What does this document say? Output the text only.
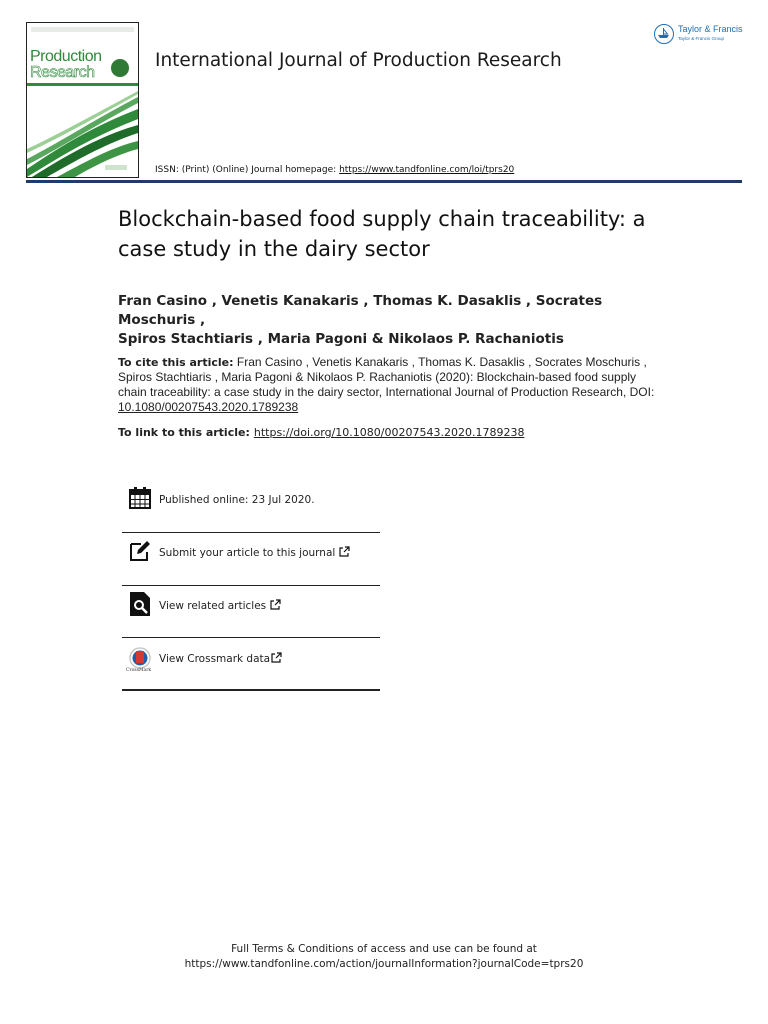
Production
Research
International Journal of Production Research
Taylor & Francis
Taylor & Francis Group
ISSN: (Print) (Online) Journal homepage: https://www.tandfonline.com/loi/tprs20
Blockchain-based food supply chain traceability: a
case study in the dairy sector
Fran Casino , Venetis Kanakaris , Thomas K. Dasaklis , Socrates Moschuris ,
Spiros Stachtiaris , Maria Pagoni & Nikolaos P. Rachaniotis
To cite this article: Fran Casino , Venetis Kanakaris , Thomas K. Dasaklis , Socrates Moschuris , Spiros Stachtiaris , Maria Pagoni & Nikolaos P. Rachaniotis (2020): Blockchain-based food supply chain traceability: a case study in the dairy sector, International Journal of Production Research, DOI: 10.1080/00207543.2020.1789238
To link to this article: https://doi.org/10.1080/00207543.2020.1789238
Published online: 23 Jul 2020.
Submit your article to this journal
View related articles
CrossMark
View Crossmark data
Full Terms & Conditions of access and use can be found at
https://www.tandfonline.com/action/journalInformation?journalCode=tprs20
